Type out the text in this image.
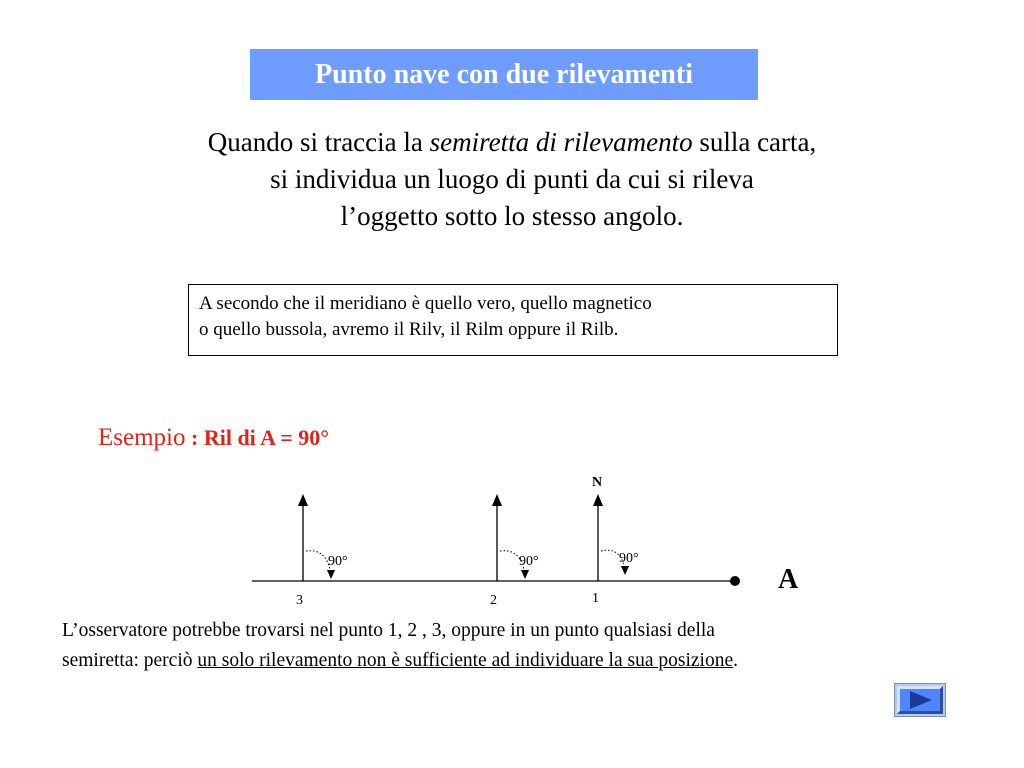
Punto nave con due rilevamenti
Quando si traccia la semiretta di rilevamento sulla carta,
si individua un luogo di punti da cui si rileva
l’oggetto sotto lo stesso angolo.
A secondo che il meridiano è quello vero, quello magnetico
o quello bussola, avremo il Rilv, il Rilm oppure il Rilb.
Esempio : Ril di A = 90°
A
90°
3
90°
2
N
90°
1
L’osservatore potrebbe trovarsi nel punto 1, 2 , 3, oppure in un punto qualsiasi della
semiretta: perciò un solo rilevamento non è sufficiente ad individuare la sua posizione.
